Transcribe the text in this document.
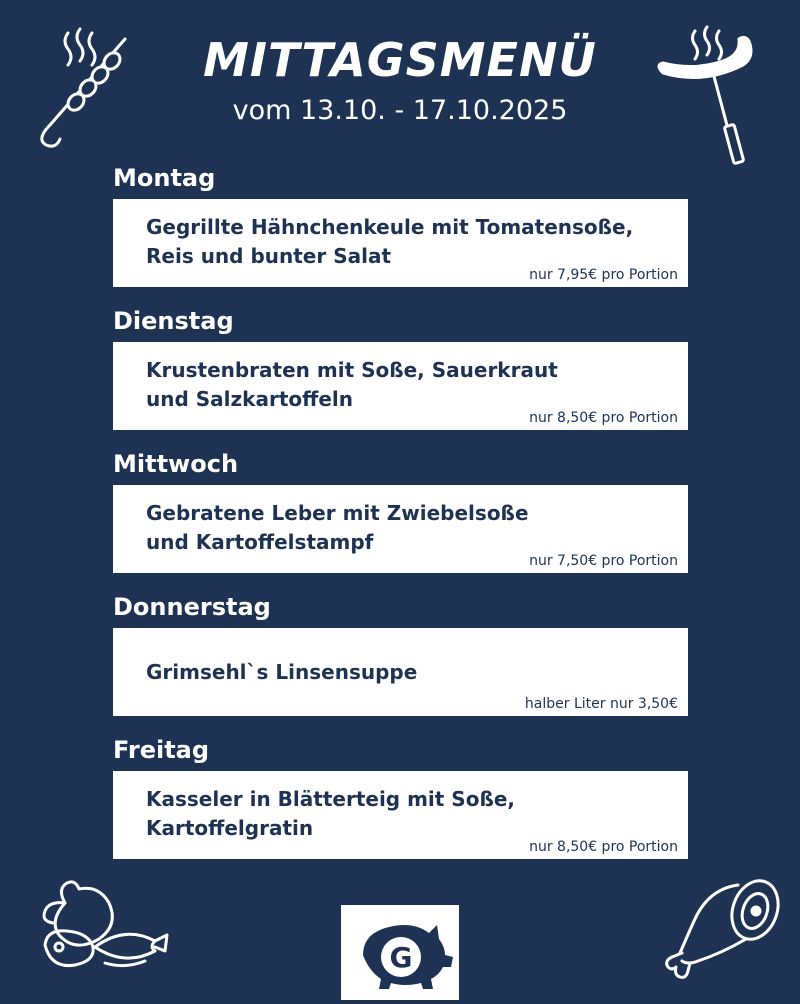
MITTAGSMENÜ
vom 13.10. - 17.10.2025
Montag
Gegrillte Hähnchenkeule mit Tomatensoße,
Reis und bunter Salat
nur 7,95€ pro Portion
Dienstag
Krustenbraten mit Soße, Sauerkraut
und Salzkartoffeln
nur 8,50€ pro Portion
Mittwoch
Gebratene Leber mit Zwiebelsoße
und Kartoffelstampf
nur 7,50€ pro Portion
Donnerstag
Grimsehl`s Linsensuppe
halber Liter nur 3,50€
Freitag
Kasseler in Blätterteig mit Soße,
Kartoffelgratin
nur 8,50€ pro Portion
G
